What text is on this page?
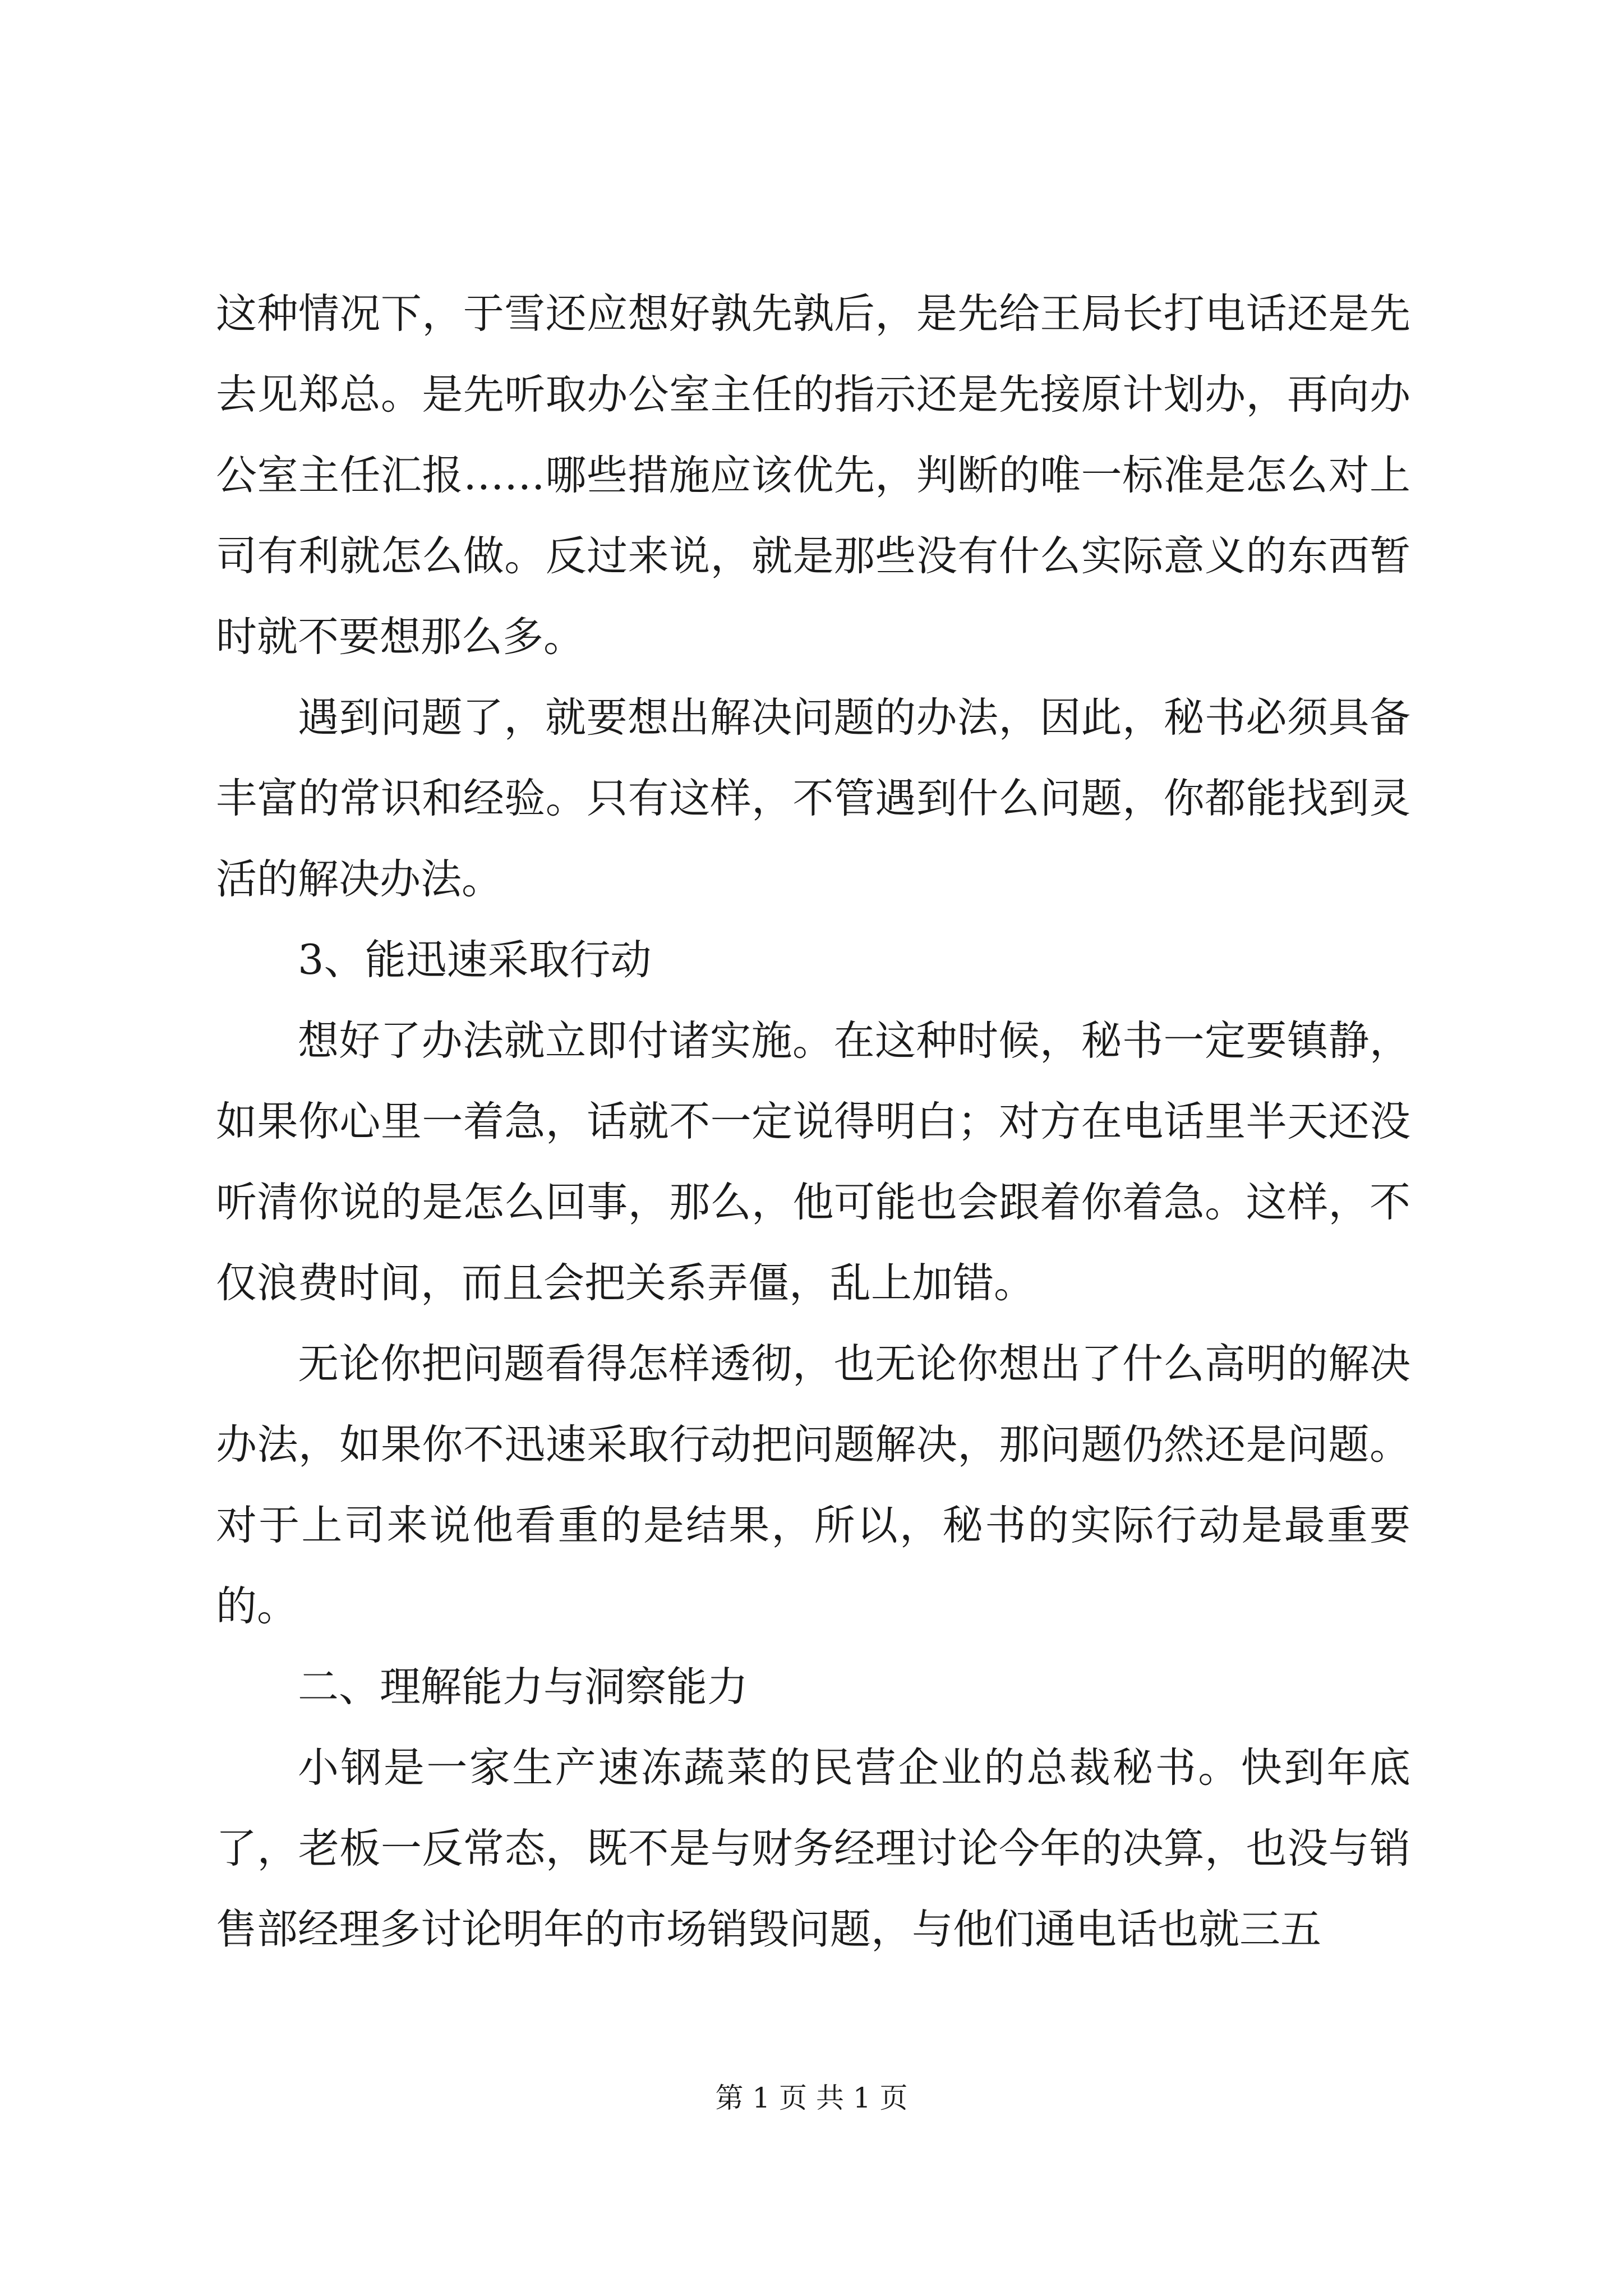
这种情况下，于雪还应想好孰先孰后，是先给王局长打电话还是先去见郑总。是先听取办公室主任的指示还是先接原计划办，再向办公室主任汇报……哪些措施应该优先，判断的唯一标准是怎么对上司有利就怎么做。反过来说，就是那些没有什么实际意义的东西暂时就不要想那么多。

遇到问题了，就要想出解决问题的办法，因此，秘书必须具备丰富的常识和经验。只有这样，不管遇到什么问题，你都能找到灵活的解决办法。

3、能迅速采取行动

想好了办法就立即付诸实施。在这种时候，秘书一定要镇静，如果你心里一着急，话就不一定说得明白；对方在电话里半天还没听清你说的是怎么回事，那么，他可能也会跟着你着急。这样，不仅浪费时间，而且会把关系弄僵，乱上加错。

无论你把问题看得怎样透彻，也无论你想出了什么高明的解决办法，如果你不迅速采取行动把问题解决，那问题仍然还是问题。对于上司来说他看重的是结果，所以，秘书的实际行动是最重要的。

二、理解能力与洞察能力

小钢是一家生产速冻蔬菜的民营企业的总裁秘书。快到年底了，老板一反常态，既不是与财务经理讨论今年的决算，也没与销售部经理多讨论明年的市场销毁问题，与他们通电话也就三五

第 1 页 共 1 页
